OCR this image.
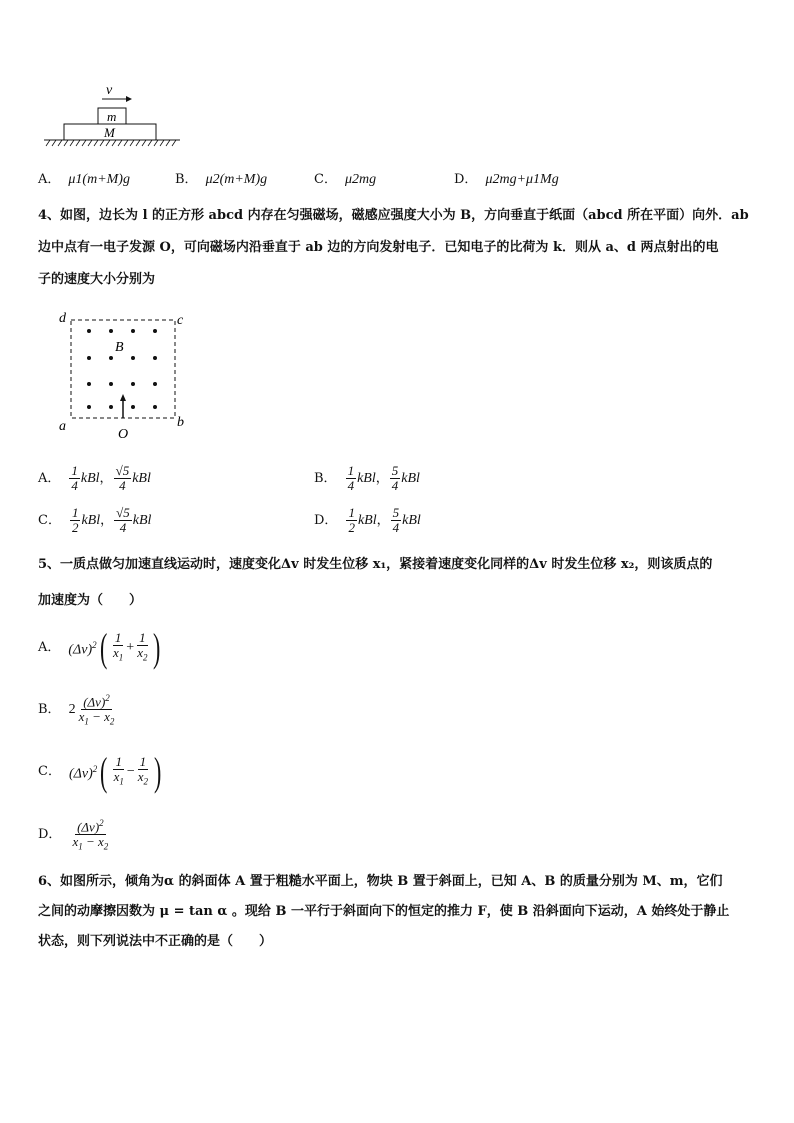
v
m
M
A． μ1(m+M)g	B． μ2(m+M)g	C． μ2mg	D． μ2mg+μ1Mg
4、如图，边长为 l 的正方形 abcd 内存在匀强磁场，磁感应强度大小为 B，方向垂直于纸面（abcd 所在平面）向外．ab
边中点有一电子发源 O，可向磁场内沿垂直于 ab 边的方向发射电子．已知电子的比荷为 k．则从 a、d 两点射出的电
子的速度大小分别为
d	c
a	b
B
O
A． $\frac{1}{4}$ kBl ， $\frac{√5}{4}$ kBl	B． $\frac{1}{4}$ kBl ， $\frac{5}{4}$ kBl
C． $\frac{1}{2}$ kBl ， $\frac{√5}{4}$ kBl	D． $\frac{1}{2}$ kBl ， $\frac{5}{4}$ kBl
5、一质点做匀加速直线运动时，速度变化Δv 时发生位移 x₁，紧接着速度变化同样的Δv 时发生位移 x₂，则该质点的
加速度为（　　）
A． $(\Delta v)^2$ ( $\frac{1}{x_1} + \frac{1}{x_2}$ )
B． $2 \frac{(\Delta v)^2}{x_1 - x_2}$
C． $(\Delta v)^2$ ( $\frac{1}{x_1} - \frac{1}{x_2}$ )
D． $\frac{(\Delta v)^2}{x_1 - x_2}$
6、如图所示，倾角为α 的斜面体 A 置于粗糙水平面上，物块 B 置于斜面上，已知 A、B 的质量分别为 M、m，它们
之间的动摩擦因数为 μ = tan α 。现给 B 一平行于斜面向下的恒定的推力 F，使 B 沿斜面向下运动，A 始终处于静止
状态，则下列说法中不正确的是（　　）
